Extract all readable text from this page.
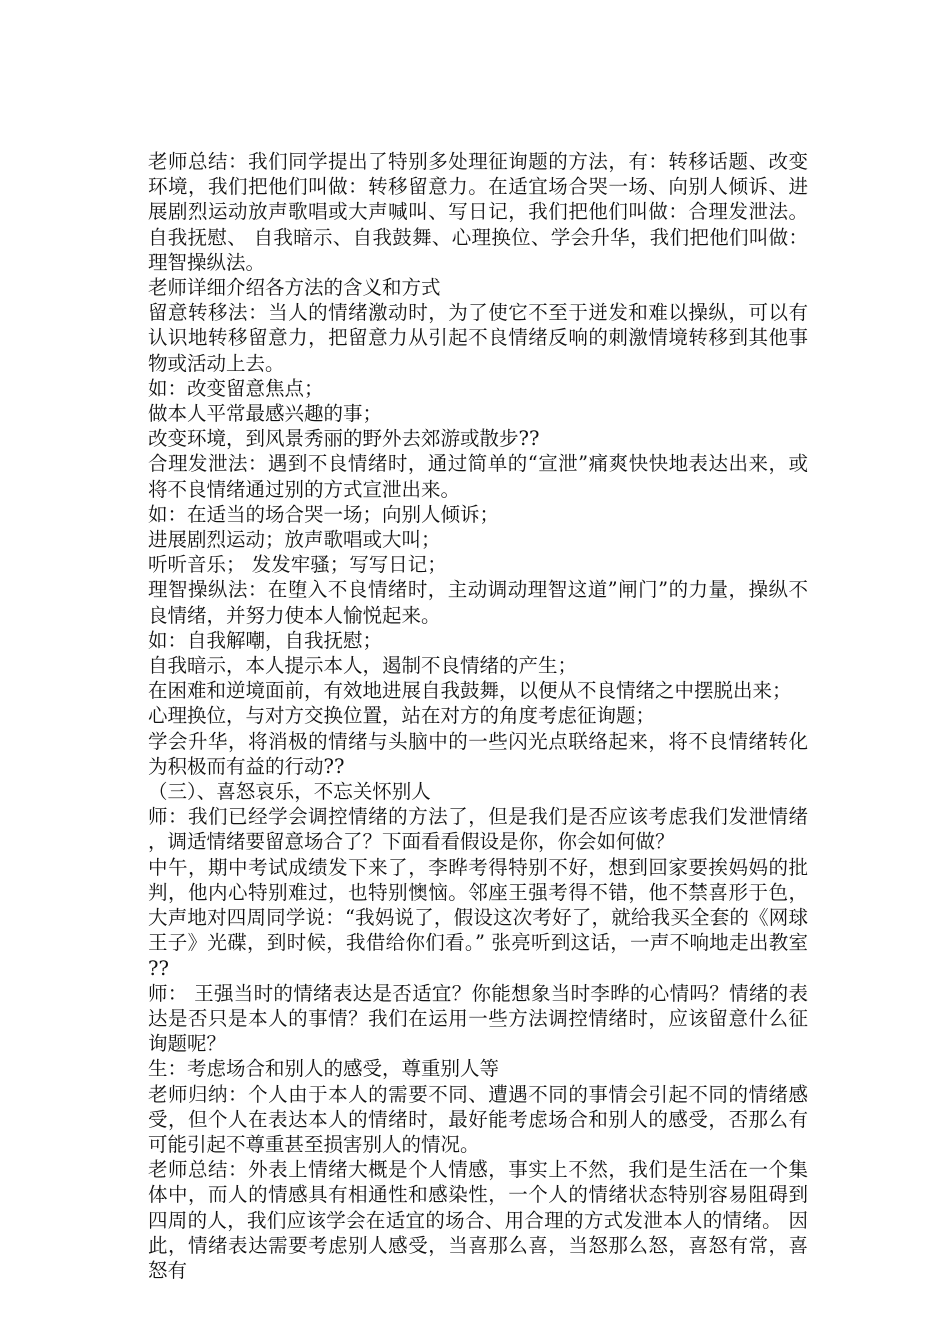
老师总结：我们同学提出了特别多处理征询题的方法，有：转移话题、改变环境，我们把他们叫做：转移留意力。在适宜场合哭一场、向别人倾诉、进展剧烈运动放声歌唱或大声喊叫、写日记，我们把他们叫做：合理发泄法。自我抚慰、 自我暗示、自我鼓舞、心理换位、学会升华，我们把他们叫做：理智操纵法。

老师详细介绍各方法的含义和方式

留意转移法：当人的情绪激动时，为了使它不至于迸发和难以操纵，可以有认识地转移留意力，把留意力从引起不良情绪反响的刺激情境转移到其他事物或活动上去。

如：改变留意焦点；

做本人平常最感兴趣的事；

改变环境，到风景秀丽的野外去郊游或散步??

合理发泄法：遇到不良情绪时，通过简单的“宣泄”痛爽快快地表达出来，或将不良情绪通过别的方式宣泄出来。

如：在适当的场合哭一场；向别人倾诉；

进展剧烈运动；放声歌唱或大叫；

听听音乐； 发发牢骚；写写日记；

理智操纵法：在堕入不良情绪时，主动调动理智这道”闸门”的力量，操纵不良情绪，并努力使本人愉悦起来。

如：自我解嘲，自我抚慰；

自我暗示，本人提示本人，遏制不良情绪的产生；

在困难和逆境面前，有效地进展自我鼓舞，以便从不良情绪之中摆脱出来；

心理换位，与对方交换位置，站在对方的角度考虑征询题；

学会升华，将消极的情绪与头脑中的一些闪光点联络起来，将不良情绪转化为积极而有益的行动??

（三）、喜怒哀乐，不忘关怀别人

师：我们已经学会调控情绪的方法了，但是我们是否应该考虑我们发泄情绪，调适情绪要留意场合了？下面看看假设是你，你会如何做？

中午，期中考试成绩发下来了，李晔考得特别不好，想到回家要挨妈妈的批判，他内心特别难过，也特别懊恼。邻座王强考得不错，他不禁喜形于色，大声地对四周同学说：“我妈说了，假设这次考好了，就给我买全套的《网球王子》光碟，到时候，我借给你们看。” 张亮听到这话，一声不响地走出教室??

师： 王强当时的情绪表达是否适宜？你能想象当时李晔的心情吗？情绪的表达是否只是本人的事情？我们在运用一些方法调控情绪时，应该留意什么征询题呢？

生：考虑场合和别人的感受，尊重别人等

老师归纳：个人由于本人的需要不同、遭遇不同的事情会引起不同的情绪感受，但个人在表达本人的情绪时，最好能考虑场合和别人的感受，否那么有可能引起不尊重甚至损害别人的情况。

老师总结：外表上情绪大概是个人情感，事实上不然，我们是生活在一个集体中，而人的情感具有相通性和感染性，一个人的情绪状态特别容易阻碍到四周的人，我们应该学会在适宜的场合、用合理的方式发泄本人的情绪。 因此，情绪表达需要考虑别人感受，当喜那么喜，当怒那么怒，喜怒有常，喜怒有
